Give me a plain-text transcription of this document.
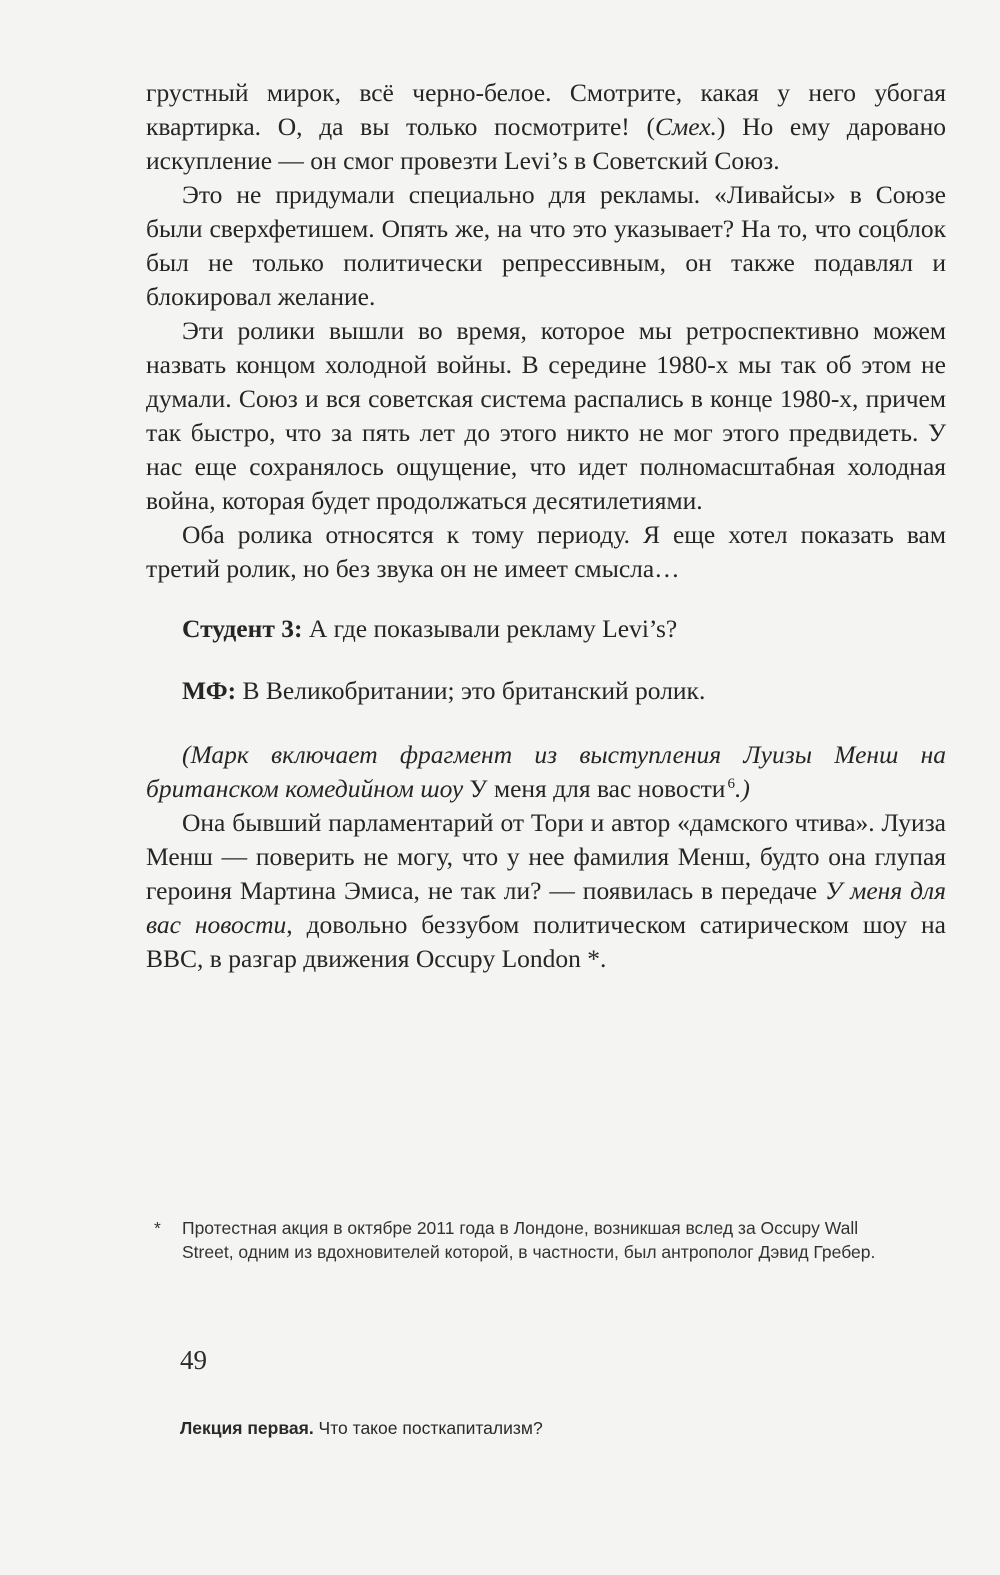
грустный мирок, всё черно-белое. Смотрите, какая у него убогая квартирка. О, да вы только посмотрите! (Смех.) Но ему даровано искупление — он смог провезти Levi’s в Советский Союз.

Это не придумали специально для рекламы. «Ливайсы» в Союзе были сверхфетишем. Опять же, на что это указывает? На то, что соцблок был не только политически репрессивным, он также подавлял и блокировал желание.

Эти ролики вышли во время, которое мы ретроспективно можем назвать концом холодной войны. В середине 1980-х мы так об этом не думали. Союз и вся советская система распались в конце 1980-х, причем так быстро, что за пять лет до этого никто не мог этого предвидеть. У нас еще сохранялось ощущение, что идет полномасштабная холодная война, которая будет продолжаться десятилетиями.

Оба ролика относятся к тому периоду. Я еще хотел показать вам третий ролик, но без звука он не имеет смысла…

Студент 3: А где показывали рекламу Levi’s?

МФ: В Великобритании; это британский ролик.

(Марк включает фрагмент из выступления Луизы Менш на британском комедийном шоу У меня для вас новости $^6$.)

Она бывший парламентарий от Тори и автор «дамского чтива». Луиза Менш — поверить не могу, что у нее фамилия Менш, будто она глупая героиня Мартина Эмиса, не так ли? — появилась в передаче У меня для вас новости, довольно беззубом политическом сатирическом шоу на BBC, в разгар движения Occupy London *.

* Протестная акция в октябре 2011 года в Лондоне, возникшая вслед за Occupy Wall Street, одним из вдохновителей которой, в частности, был антрополог Дэвид Гребер.
49
Лекция первая. Что такое посткапитализм?
